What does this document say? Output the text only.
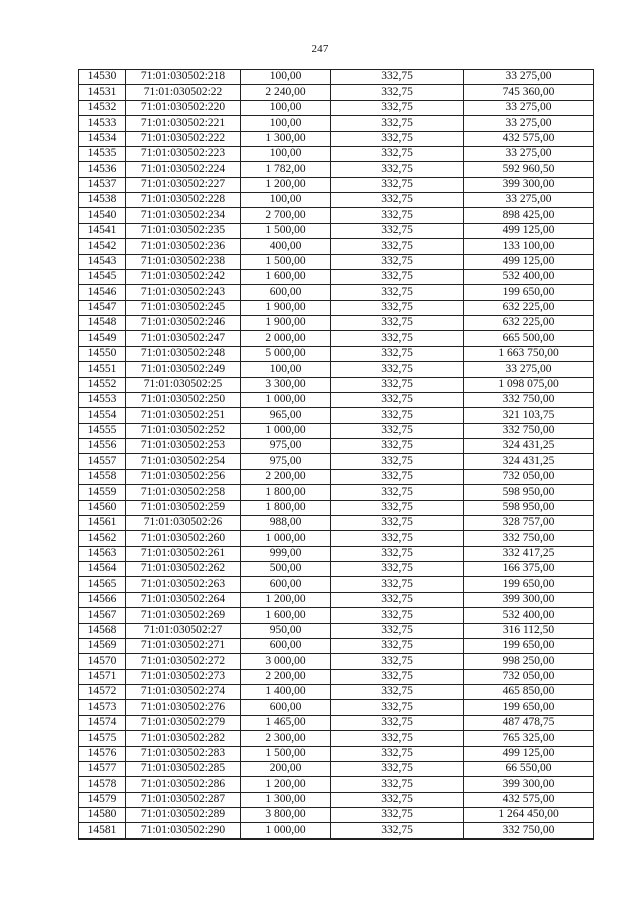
247
14530	71:01:030502:218	100,00	332,75	33 275,00
14531	71:01:030502:22	2 240,00	332,75	745 360,00
14532	71:01:030502:220	100,00	332,75	33 275,00
14533	71:01:030502:221	100,00	332,75	33 275,00
14534	71:01:030502:222	1 300,00	332,75	432 575,00
14535	71:01:030502:223	100,00	332,75	33 275,00
14536	71:01:030502:224	1 782,00	332,75	592 960,50
14537	71:01:030502:227	1 200,00	332,75	399 300,00
14538	71:01:030502:228	100,00	332,75	33 275,00
14540	71:01:030502:234	2 700,00	332,75	898 425,00
14541	71:01:030502:235	1 500,00	332,75	499 125,00
14542	71:01:030502:236	400,00	332,75	133 100,00
14543	71:01:030502:238	1 500,00	332,75	499 125,00
14545	71:01:030502:242	1 600,00	332,75	532 400,00
14546	71:01:030502:243	600,00	332,75	199 650,00
14547	71:01:030502:245	1 900,00	332,75	632 225,00
14548	71:01:030502:246	1 900,00	332,75	632 225,00
14549	71:01:030502:247	2 000,00	332,75	665 500,00
14550	71:01:030502:248	5 000,00	332,75	1 663 750,00
14551	71:01:030502:249	100,00	332,75	33 275,00
14552	71:01:030502:25	3 300,00	332,75	1 098 075,00
14553	71:01:030502:250	1 000,00	332,75	332 750,00
14554	71:01:030502:251	965,00	332,75	321 103,75
14555	71:01:030502:252	1 000,00	332,75	332 750,00
14556	71:01:030502:253	975,00	332,75	324 431,25
14557	71:01:030502:254	975,00	332,75	324 431,25
14558	71:01:030502:256	2 200,00	332,75	732 050,00
14559	71:01:030502:258	1 800,00	332,75	598 950,00
14560	71:01:030502:259	1 800,00	332,75	598 950,00
14561	71:01:030502:26	988,00	332,75	328 757,00
14562	71:01:030502:260	1 000,00	332,75	332 750,00
14563	71:01:030502:261	999,00	332,75	332 417,25
14564	71:01:030502:262	500,00	332,75	166 375,00
14565	71:01:030502:263	600,00	332,75	199 650,00
14566	71:01:030502:264	1 200,00	332,75	399 300,00
14567	71:01:030502:269	1 600,00	332,75	532 400,00
14568	71:01:030502:27	950,00	332,75	316 112,50
14569	71:01:030502:271	600,00	332,75	199 650,00
14570	71:01:030502:272	3 000,00	332,75	998 250,00
14571	71:01:030502:273	2 200,00	332,75	732 050,00
14572	71:01:030502:274	1 400,00	332,75	465 850,00
14573	71:01:030502:276	600,00	332,75	199 650,00
14574	71:01:030502:279	1 465,00	332,75	487 478,75
14575	71:01:030502:282	2 300,00	332,75	765 325,00
14576	71:01:030502:283	1 500,00	332,75	499 125,00
14577	71:01:030502:285	200,00	332,75	66 550,00
14578	71:01:030502:286	1 200,00	332,75	399 300,00
14579	71:01:030502:287	1 300,00	332,75	432 575,00
14580	71:01:030502:289	3 800,00	332,75	1 264 450,00
14581	71:01:030502:290	1 000,00	332,75	332 750,00
